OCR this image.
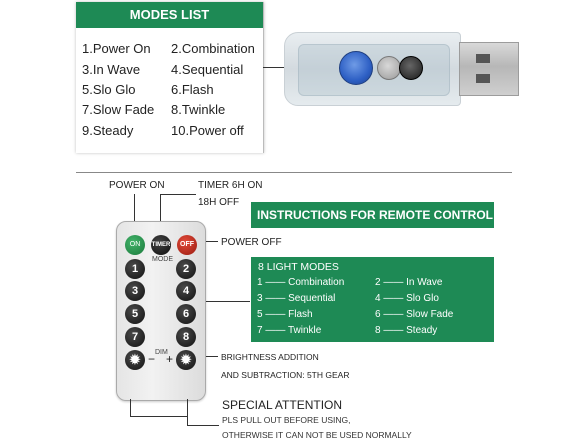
MODES LIST
1.Power On 2.Combination
3.In Wave 4.Sequential
5.Slo Glo	6.Flash
7.Slow Fade 8.Twinkle
9.Steady	10.Power off
POWER ON	TIMER 6H ON
18H OFF
POWER OFF
BRIGHTNESS ADDITION
AND SUBTRACTION: 5TH GEAR
ON	TIMER	OFF
MODE
1	2
3	4
5	6
7	8
DIM
✹	✹
− +
INSTRUCTIONS FOR REMOTE CONTROL
8 LIGHT MODES
1 —— Combination	2 —— In Wave
3 —— Sequential	4 —— Slo Glo
5 —— Flash	6 —— Slow Fade
7 —— Twinkle	8 —— Steady
SPECIAL ATTENTION
PLS PULL OUT BEFORE USING,
OTHERWISE IT CAN NOT BE USED NORMALLY
